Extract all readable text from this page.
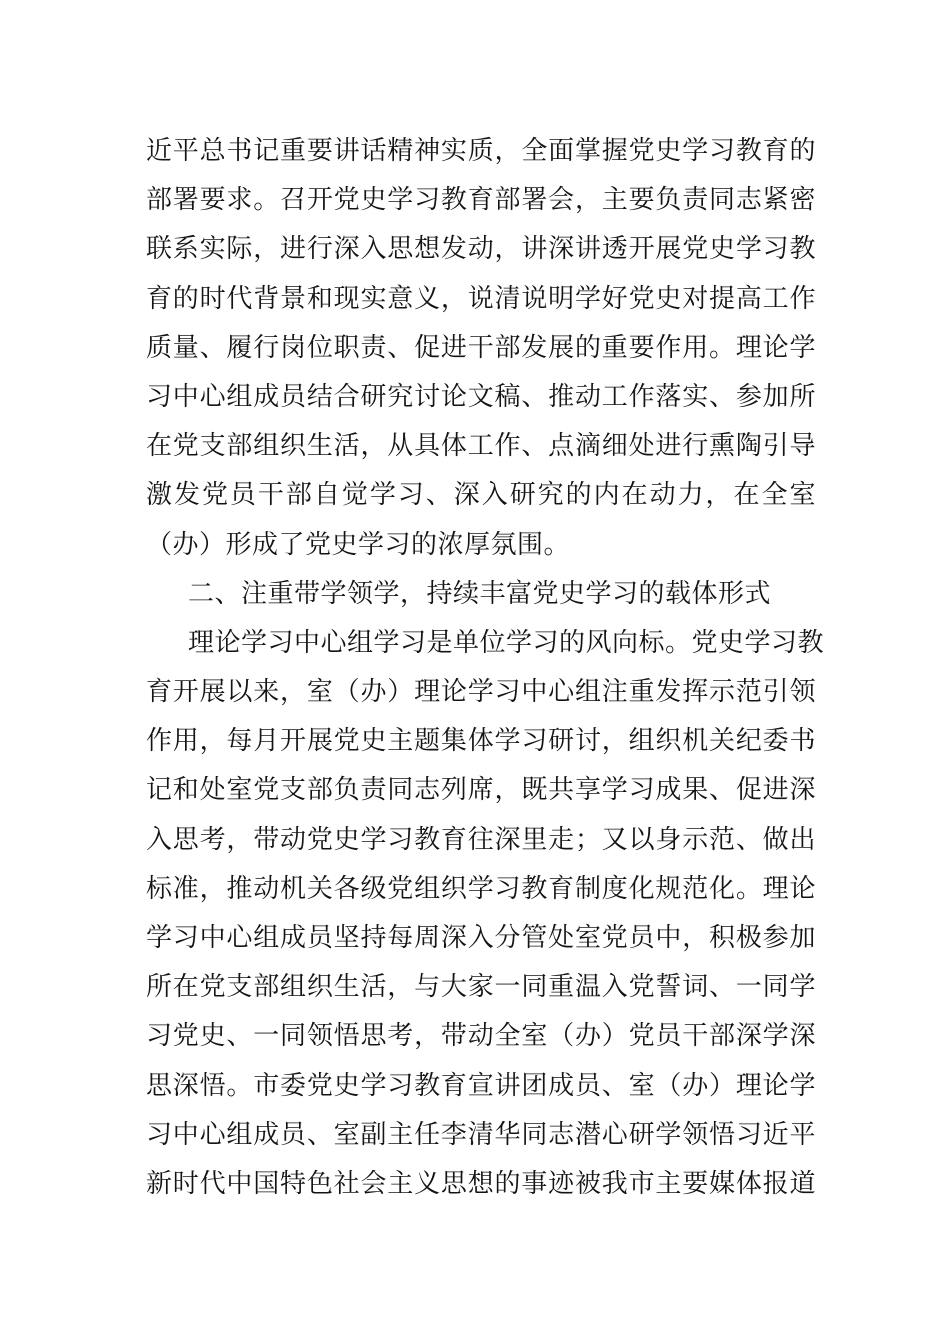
近平总书记重要讲话精神实质，全面掌握党史学习教育的
部署要求。召开党史学习教育部署会，主要负责同志紧密
联系实际，进行深入思想发动，讲深讲透开展党史学习教
育的时代背景和现实意义，说清说明学好党史对提高工作
质量、履行岗位职责、促进干部发展的重要作用。理论学
习中心组成员结合研究讨论文稿、推动工作落实、参加所
在党支部组织生活，从具体工作、点滴细处进行熏陶引导
激发党员干部自觉学习、深入研究的内在动力，在全室
（办）形成了党史学习的浓厚氛围。
二、注重带学领学，持续丰富党史学习的载体形式
理论学习中心组学习是单位学习的风向标。党史学习教
育开展以来，室（办）理论学习中心组注重发挥示范引领
作用，每月开展党史主题集体学习研讨，组织机关纪委书
记和处室党支部负责同志列席，既共享学习成果、促进深
入思考，带动党史学习教育往深里走；又以身示范、做出
标准，推动机关各级党组织学习教育制度化规范化。理论
学习中心组成员坚持每周深入分管处室党员中，积极参加
所在党支部组织生活，与大家一同重温入党誓词、一同学
习党史、一同领悟思考，带动全室（办）党员干部深学深
思深悟。市委党史学习教育宣讲团成员、室（办）理论学
习中心组成员、室副主任李清华同志潜心研学领悟习近平
新时代中国特色社会主义思想的事迹被我市主要媒体报道
